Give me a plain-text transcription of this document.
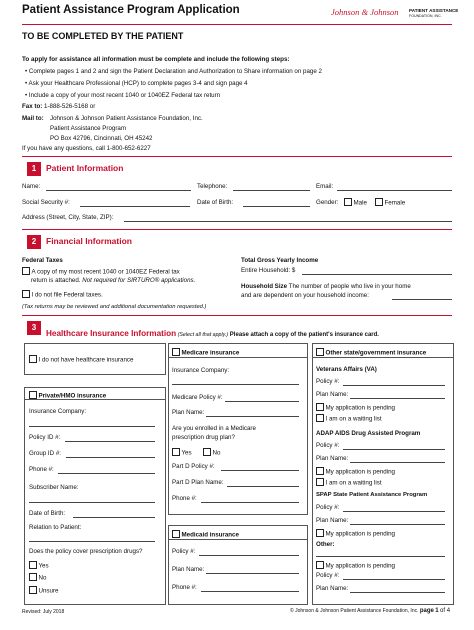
Patient Assistance Program Application	Johnson & Johnson PATIENT ASSISTANCE
FOUNDATION, INC.
TO BE COMPLETED BY THE PATIENT
To apply for assistance all information must be complete and include the following steps:
• Complete pages 1 and 2 and sign the Patient Declaration and Authorization to Share information on page 2
• Ask your Healthcare Professional (HCP) to complete pages 3-4 and sign page 4
• Include a copy of your most recent 1040 or 1040EZ Federal tax return
Fax to: 1-888-526-5168 or
Mail to: Johnson & Johnson Patient Assistance Foundation, Inc.
Patient Assistance Program
PO Box 42796, Cincinnati, OH 45242
If you have any questions, call 1-800-652-6227
1	Patient Information
Name:	Telephone:	Email:
Social Security #:	Date of Birth:	Gender:	Male	Female
Address (Street, City, State, ZIP):
2	Financial Information
Federal Taxes
A copy of my most recent 1040 or 1040EZ Federal tax
return is attached. Not required for SIRTURO® applications.
I do not file Federal taxes.
(Tax returns may be reviewed and additional documentation requested.)
Total Gross Yearly Income
Entire Household: $
Household Size The number of people who live in your home
and are dependent on your household income:
3
Healthcare Insurance Information (Select all that apply.) Please attach a copy of the patient's insurance card.
I do not have healthcare insurance
Private/HMO insurance
Insurance Company:
Policy ID #:
Group ID #:
Phone #:
Subscriber Name:
Date of Birth:
Relation to Patient:
Does the policy cover prescription drugs?
Yes
No
Unsure
Medicare insurance
Insurance Company:
Medicare Policy #:
Plan Name:
Are you enrolled in a Medicare
prescription drug plan?
Yes	No
Part D Policy #:
Part D Plan Name:
Phone #:
Medicaid insurance
Policy #:
Plan Name:
Phone #:
Other state/government insurance
Veterans Affairs (VA)
Policy #:
Plan Name:
My application is pending
I am on a waiting list
ADAP AIDS Drug Assisted Program
Policy #:
Plan Name:
My application is pending
I am on a waiting list
SPAP State Patient Assistance Program
Policy #:
Plan Name:
My application is pending
Other:
My application is pending
Policy #:
Plan Name:
Revised: July 2018	© Johnson & Johnson Patient Assistance Foundation, Inc. page 1 of 4
